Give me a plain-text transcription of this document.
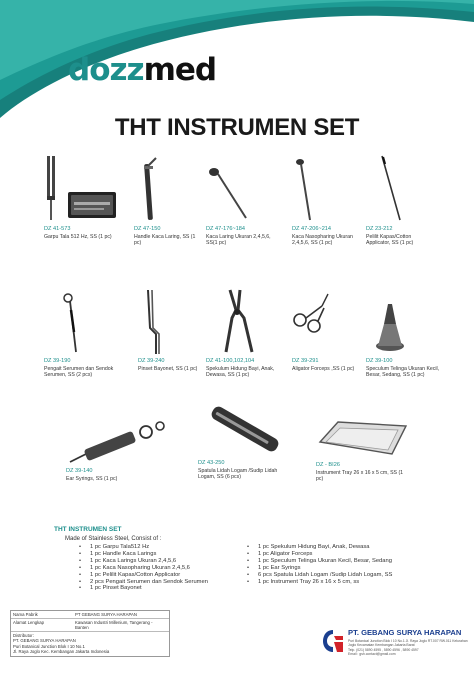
dozz med
THT INSTRUMEN SET
DZ 41-573
Garpu Tala 512 Hz, SS (1 pc)
DZ 47-150
Handle Kaca Laring, SS (1 pc)
DZ 47-176~184
Kaca Laring Ukuran 2,4,5,6, SS(1 pc)
DZ 47-206~214
Kaca Nasopharing Ukuran 2,4,5,6, SS (1 pc)
DZ 23-212
Pelilit Kapas/Cotton Applicator, SS (1 pc)
DZ 39-190
Pengait Serumen dan Sendok Serumen, SS (2 pcs)
DZ 39-240
Pinset Bayonet, SS (1 pc)
DZ 41-100,102,104
Spekulum Hidung Bayi, Anak, Dewasa, SS (1 pc)
DZ 39-291
Aligator Forceps ,SS (1 pc)
DZ 39-100
Speculum Telinga Ukuran Kecil, Besar, Sedang, SS (1 pc)
DZ 39-140
Ear Syrings, SS (1 pc)
DZ 43-250
Spatula Lidah Logam /Sudip Lidah Logam, SS (6 pcs)
DZ - BI26
Instrument Tray 26 x 16 x 5 cm, SS (1 pc)
THT INSTRUMEN SET
Made of Stainless Steel, Consist of :
• 1 pc Garpu Tala512 Hz
• 1 pc Handle Kaca Larings
• 1 pc Kaca Larings Ukuran 2,4,5,6
• 1 pc Kaca Nasopharing Ukuran 2,4,5,6
• 1 pc Pelilit Kapas/Cotton Applicator
• 2 pcs Pengait Serumen dan Sendok Serumen
• 1 pc Pinset Bayonet
• 1 pc Spekulum Hidung Bayi, Anak, Dewasa
• 1 pc Aligator Forceps
• 1 pc Speculum Telinga Ukuran Kecil, Besar, Sedang
• 1 pc Ear Syrings
• 6 pcs Spatula Lidah Logam /Sudip Lidah Logam, SS
• 1 pc Instrument Tray 26 x 16 x 5 cm, ss
Nama Pabrik	PT GEBANG SURYA HARAPAN
Alamat Lengkap	Kawasan Industri Millenium, Tangerang - Banten
Distributor:
PT. GEBANG SURYA HARAPAN
Puri Botanical Junction Blok I 10 No.1
Jl. Raya Joglo Kec. Kembangan Jakarta Indonesia
PT. GEBANG SURYA HARAPAN
Puri Botanical Junction Blok I 10 No.1 Jl. Raya Joglo RT.007 RW.011 Kelurahan Joglo Kecamatan Kembangan Jakarta Barat
Telp. (021) 5890 4595 , 5890 4596 , 5890 4597
Email : gsh.contact@gmail.com
